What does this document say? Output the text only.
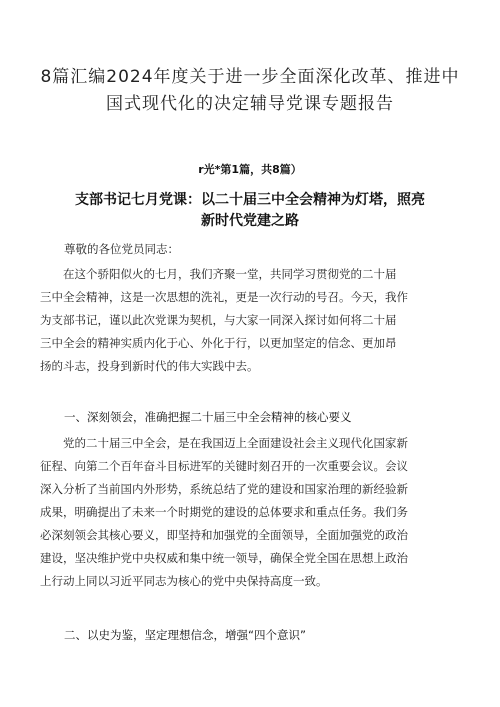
8篇汇编2024年度关于进一步全面深化改革、推进中
国式现代化的决定辅导党课专题报告
r光*第1篇，共8篇）
支部书记七月党课：以二十届三中全会精神为灯塔，照亮
新时代党建之路
尊敬的各位党员同志：
　　在这个骄阳似火的七月，我们齐聚一堂，共同学习贯彻党的二十届
三中全会精神，这是一次思想的洗礼，更是一次行动的号召。今天，我作
为支部书记，谨以此次党课为契机，与大家一同深入探讨如何将二十届
三中全会的精神实质内化于心、外化于行，以更加坚定的信念、更加昂
扬的斗志，投身到新时代的伟大实践中去。
一、深刻领会，准确把握二十届三中全会精神的核心要义
　　党的二十届三中全会，是在我国迈上全面建设社会主义现代化国家新
征程、向第二个百年奋斗目标进军的关键时刻召开的一次重要会议。会议
深入分析了当前国内外形势，系统总结了党的建设和国家治理的新经验新
成果，明确提出了未来一个时期党的建设的总体要求和重点任务。我们务
必深刻领会其核心要义，即坚持和加强党的全面领导，全面加强党的政治
建设，坚决维护党中央权威和集中统一领导，确保全党全国在思想上政治
上行动上同以习近平同志为核心的党中央保持高度一致。
二、以史为鉴，坚定理想信念，增强“四个意识”
